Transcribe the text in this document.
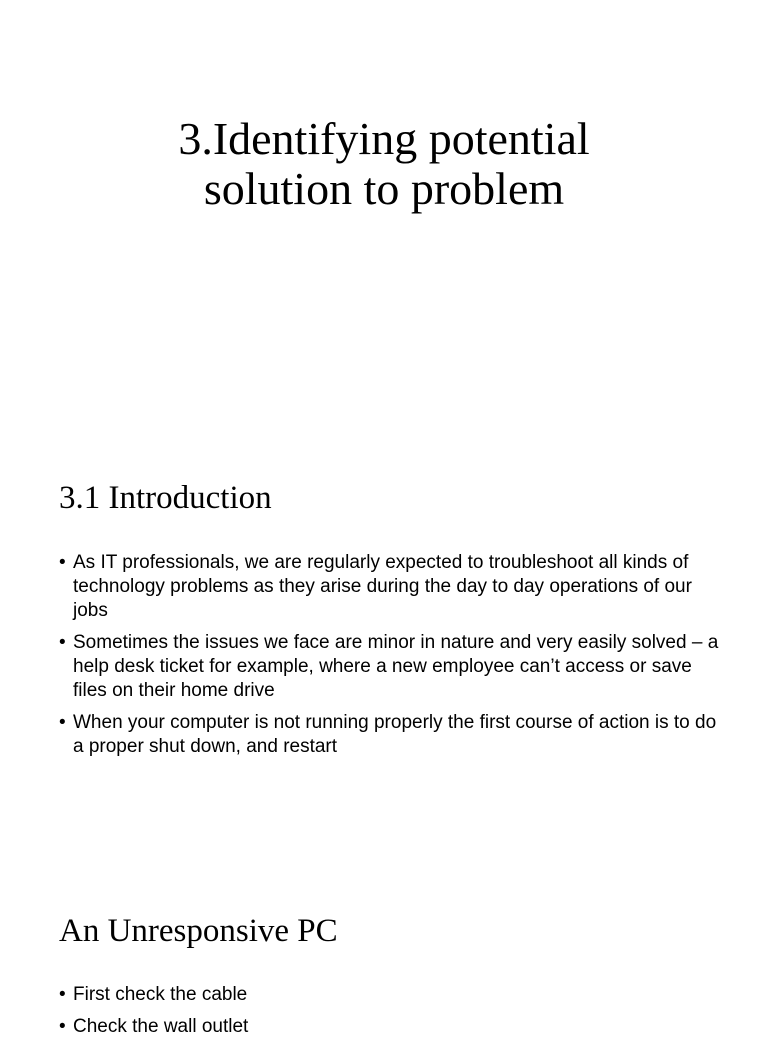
3.Identifying potential
solution to problem
3.1 Introduction
• As IT professionals, we are regularly expected to troubleshoot all kinds of technology problems as they arise during the day to day operations of our jobs
• Sometimes the issues we face are minor in nature and very easily solved – a help desk ticket for example, where a new employee can’t access or save files on their home drive
• When your computer is not running properly the first course of action is to do a proper shut down, and restart
An Unresponsive PC
• First check the cable
• Check the wall outlet
